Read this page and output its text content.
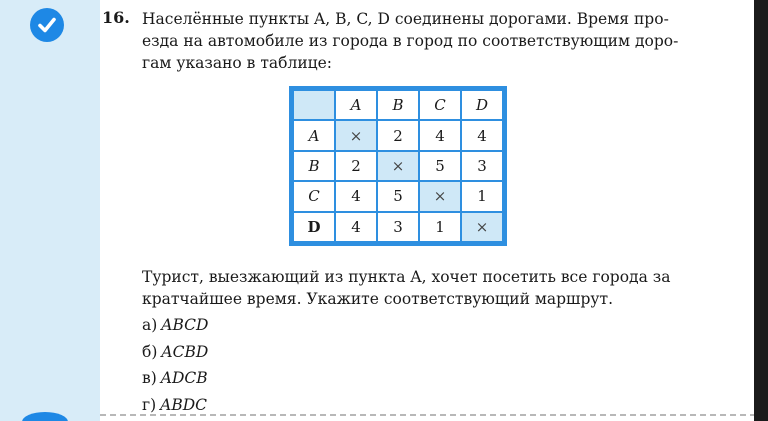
16. Населённые пункты A, B, C, D соединены дорогами. Время про-
езда на автомобиле из города в город по соответствующим доро-
гам указано в таблице:
	A	B	C	D
A	×	2	4	4
B	2	×	5	3
C	4	5	×	1
D	4	3	1	×
Турист, выезжающий из пункта A, хочет посетить все города за
кратчайшее время. Укажите соответствующий маршрут.
а) ABCD
б) ACBD
в) ADCB
г) ABDC
